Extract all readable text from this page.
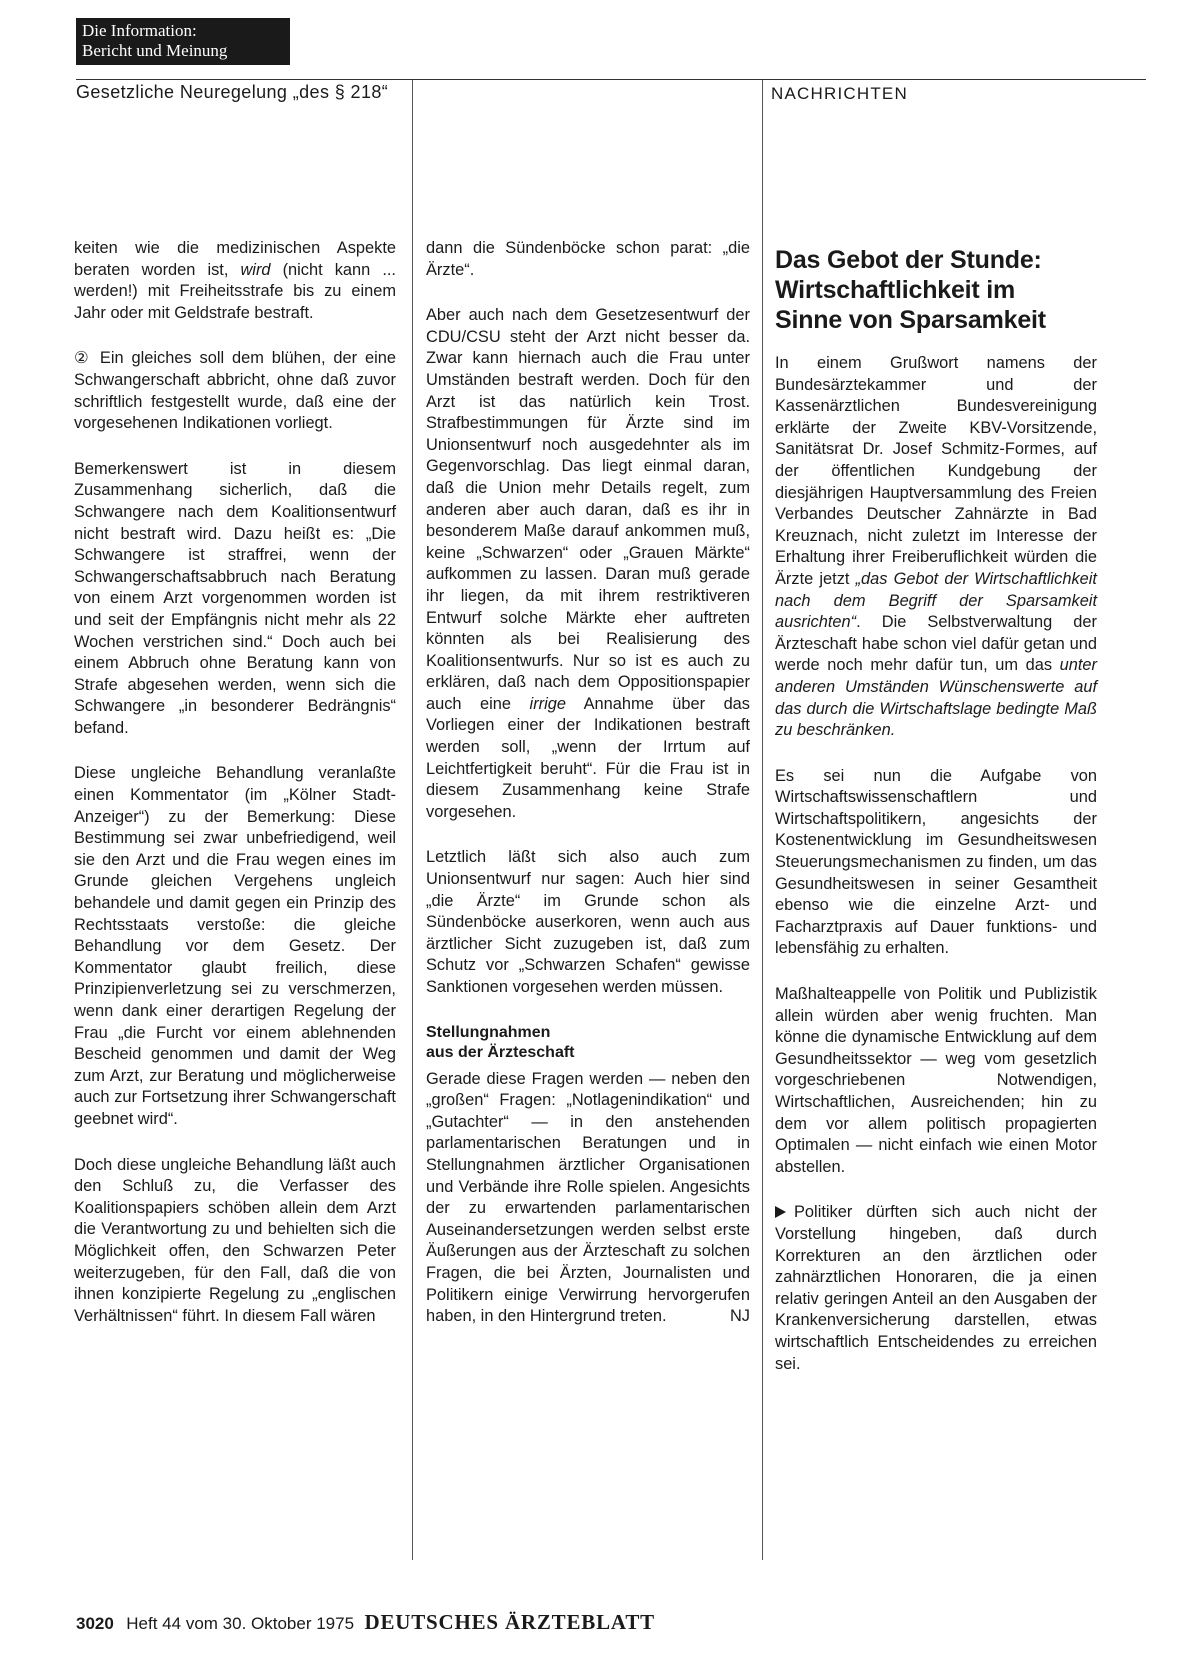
Die Information:
Bericht und Meinung
Gesetzliche Neuregelung „des § 218“	NACHRICHTEN

keiten wie die medizinischen Aspekte beraten worden ist, wird (nicht kann ... werden!) mit Freiheitsstrafe bis zu einem Jahr oder mit Geldstrafe bestraft.

② Ein gleiches soll dem blühen, der eine Schwangerschaft abbricht, ohne daß zuvor schriftlich festgestellt wurde, daß eine der vorgesehenen Indikationen vorliegt.

Bemerkenswert ist in diesem Zusammenhang sicherlich, daß die Schwangere nach dem Koalitionsentwurf nicht bestraft wird. Dazu heißt es: „Die Schwangere ist straffrei, wenn der Schwangerschaftsabbruch nach Beratung von einem Arzt vorgenommen worden ist und seit der Empfängnis nicht mehr als 22 Wochen verstrichen sind.“ Doch auch bei einem Abbruch ohne Beratung kann von Strafe abgesehen werden, wenn sich die Schwangere „in besonderer Bedrängnis“ befand.

Diese ungleiche Behandlung veranlaßte einen Kommentator (im „Kölner Stadt-Anzeiger“) zu der Bemerkung: Diese Bestimmung sei zwar unbefriedigend, weil sie den Arzt und die Frau wegen eines im Grunde gleichen Vergehens ungleich behandele und damit gegen ein Prinzip des Rechtsstaats verstoße: die gleiche Behandlung vor dem Gesetz. Der Kommentator glaubt freilich, diese Prinzipienverletzung sei zu verschmerzen, wenn dank einer derartigen Regelung der Frau „die Furcht vor einem ablehnenden Bescheid genommen und damit der Weg zum Arzt, zur Beratung und möglicherweise auch zur Fortsetzung ihrer Schwangerschaft geebnet wird“.

Doch diese ungleiche Behandlung läßt auch den Schluß zu, die Verfasser des Koalitionspapiers schöben allein dem Arzt die Verantwortung zu und behielten sich die Möglichkeit offen, den Schwarzen Peter weiterzugeben, für den Fall, daß die von ihnen konzipierte Regelung zu „englischen Verhältnissen“ führt. In diesem Fall wären

dann die Sündenböcke schon parat: „die Ärzte“.

Aber auch nach dem Gesetzesentwurf der CDU/CSU steht der Arzt nicht besser da. Zwar kann hiernach auch die Frau unter Umständen bestraft werden. Doch für den Arzt ist das natürlich kein Trost. Strafbestimmungen für Ärzte sind im Unionsentwurf noch ausgedehnter als im Gegenvorschlag. Das liegt einmal daran, daß die Union mehr Details regelt, zum anderen aber auch daran, daß es ihr in besonderem Maße darauf ankommen muß, keine „Schwarzen“ oder „Grauen Märkte“ aufkommen zu lassen. Daran muß gerade ihr liegen, da mit ihrem restriktiveren Entwurf solche Märkte eher auftreten könnten als bei Realisierung des Koalitionsentwurfs. Nur so ist es auch zu erklären, daß nach dem Oppositionspapier auch eine irrige Annahme über das Vorliegen einer der Indikationen bestraft werden soll, „wenn der Irrtum auf Leichtfertigkeit beruht“. Für die Frau ist in diesem Zusammenhang keine Strafe vorgesehen.

Letztlich läßt sich also auch zum Unionsentwurf nur sagen: Auch hier sind „die Ärzte“ im Grunde schon als Sündenböcke auserkoren, wenn auch aus ärztlicher Sicht zuzugeben ist, daß zum Schutz vor „Schwarzen Schafen“ gewisse Sanktionen vorgesehen werden müssen.

Stellungnahmen
aus der Ärzteschaft

Gerade diese Fragen werden — neben den „großen“ Fragen: „Notlagenindikation“ und „Gutachter“ — in den anstehenden parlamentarischen Beratungen und in Stellungnahmen ärztlicher Organisationen und Verbände ihre Rolle spielen. Angesichts der zu erwartenden parlamentarischen Auseinandersetzungen werden selbst erste Äußerungen aus der Ärzteschaft zu solchen Fragen, die bei Ärzten, Journalisten und Politikern einige Verwirrung hervorgerufen haben, in den Hintergrund treten.	NJ

Das Gebot der Stunde:
Wirtschaftlichkeit im
Sinne von Sparsamkeit

In einem Grußwort namens der Bundesärztekammer und der Kassenärztlichen Bundesvereinigung erklärte der Zweite KBV-Vorsitzende, Sanitätsrat Dr. Josef Schmitz-Formes, auf der öffentlichen Kundgebung der diesjährigen Hauptversammlung des Freien Verbandes Deutscher Zahnärzte in Bad Kreuznach, nicht zuletzt im Interesse der Erhaltung ihrer Freiberuflichkeit würden die Ärzte jetzt „das Gebot der Wirtschaftlichkeit nach dem Begriff der Sparsamkeit ausrichten“. Die Selbstverwaltung der Ärzteschaft habe schon viel dafür getan und werde noch mehr dafür tun, um das unter anderen Umständen Wünschenswerte auf das durch die Wirtschaftslage bedingte Maß zu beschränken.

Es sei nun die Aufgabe von Wirtschaftswissenschaftlern und Wirtschaftspolitikern, angesichts der Kostenentwicklung im Gesundheitswesen Steuerungsmechanismen zu finden, um das Gesundheitswesen in seiner Gesamtheit ebenso wie die einzelne Arzt- und Facharztpraxis auf Dauer funktions- und lebensfähig zu erhalten.

Maßhalteappelle von Politik und Publizistik allein würden aber wenig fruchten. Man könne die dynamische Entwicklung auf dem Gesundheitssektor — weg vom gesetzlich vorgeschriebenen Notwendigen, Wirtschaftlichen, Ausreichenden; hin zu dem vor allem politisch propagierten Optimalen — nicht einfach wie einen Motor abstellen.

Politiker dürften sich auch nicht der Vorstellung hingeben, daß durch Korrekturen an den ärztlichen oder zahnärztlichen Honoraren, die ja einen relativ geringen Anteil an den Ausgaben der Krankenversicherung darstellen, etwas wirtschaftlich Entscheidendes zu erreichen sei.

3020 Heft 44 vom 30. Oktober 1975 DEUTSCHES ÄRZTEBLATT
